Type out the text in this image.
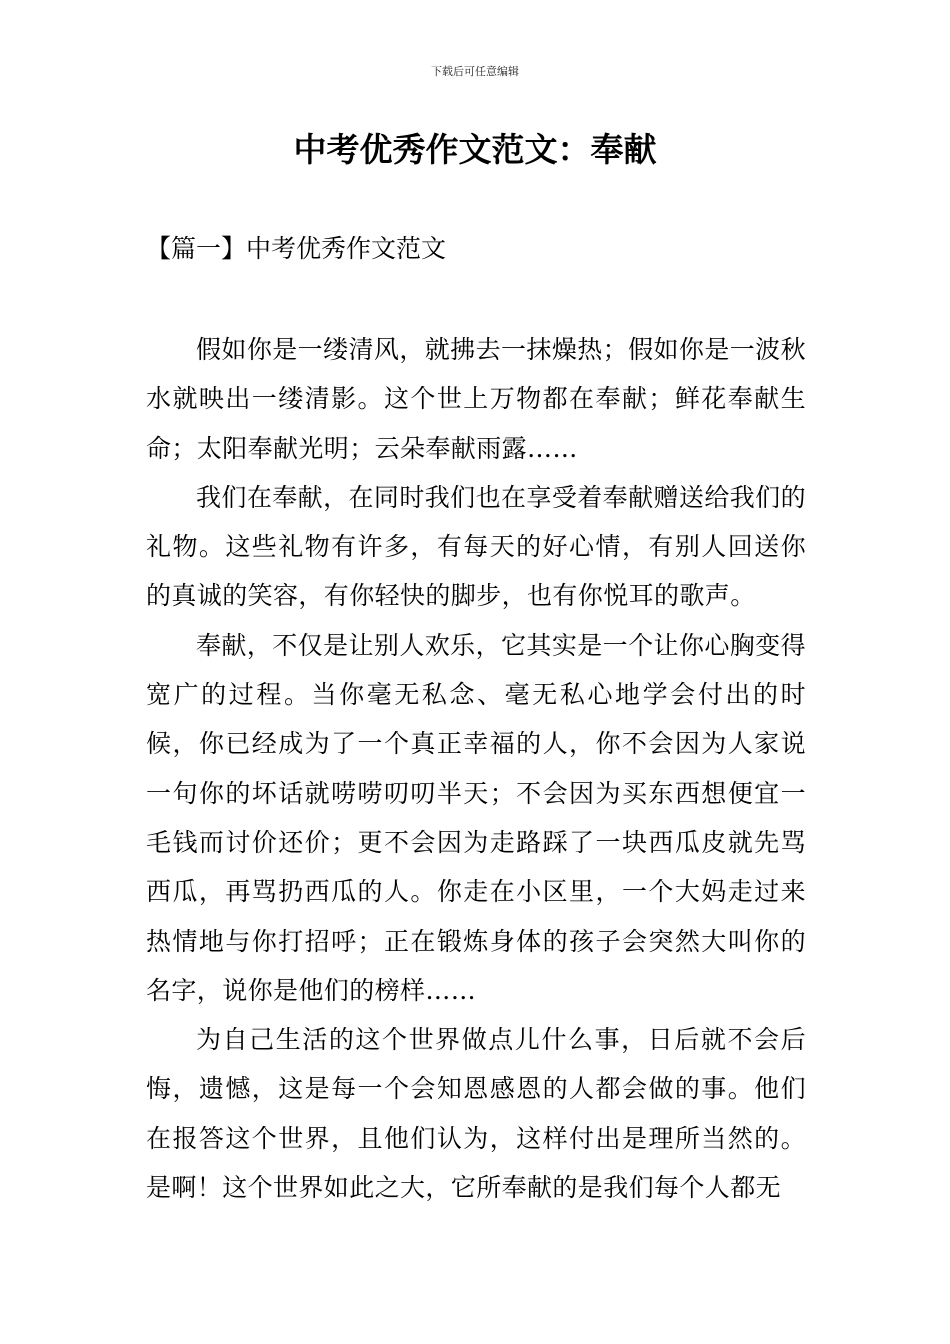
下载后可任意编辑
中考优秀作文范文：奉献
【篇一】中考优秀作文范文

假如你是一缕清风，就拂去一抹燥热；假如你是一波秋水就映出一缕清影。这个世上万物都在奉献；鲜花奉献生命；太阳奉献光明；云朵奉献雨露……

我们在奉献，在同时我们也在享受着奉献赠送给我们的礼物。这些礼物有许多，有每天的好心情，有别人回送你的真诚的笑容，有你轻快的脚步，也有你悦耳的歌声。

奉献，不仅是让别人欢乐，它其实是一个让你心胸变得宽广的过程。当你毫无私念、毫无私心地学会付出的时候，你已经成为了一个真正幸福的人，你不会因为人家说一句你的坏话就唠唠叨叨半天；不会因为买东西想便宜一毛钱而讨价还价；更不会因为走路踩了一块西瓜皮就先骂西瓜，再骂扔西瓜的人。你走在小区里，一个大妈走过来热情地与你打招呼；正在锻炼身体的孩子会突然大叫你的名字，说你是他们的榜样……

为自己生活的这个世界做点儿什么事，日后就不会后悔，遗憾，这是每一个会知恩感恩的人都会做的事。他们在报答这个世界，且他们认为，这样付出是理所当然的。是啊！这个世界如此之大，它所奉献的是我们每个人都无
